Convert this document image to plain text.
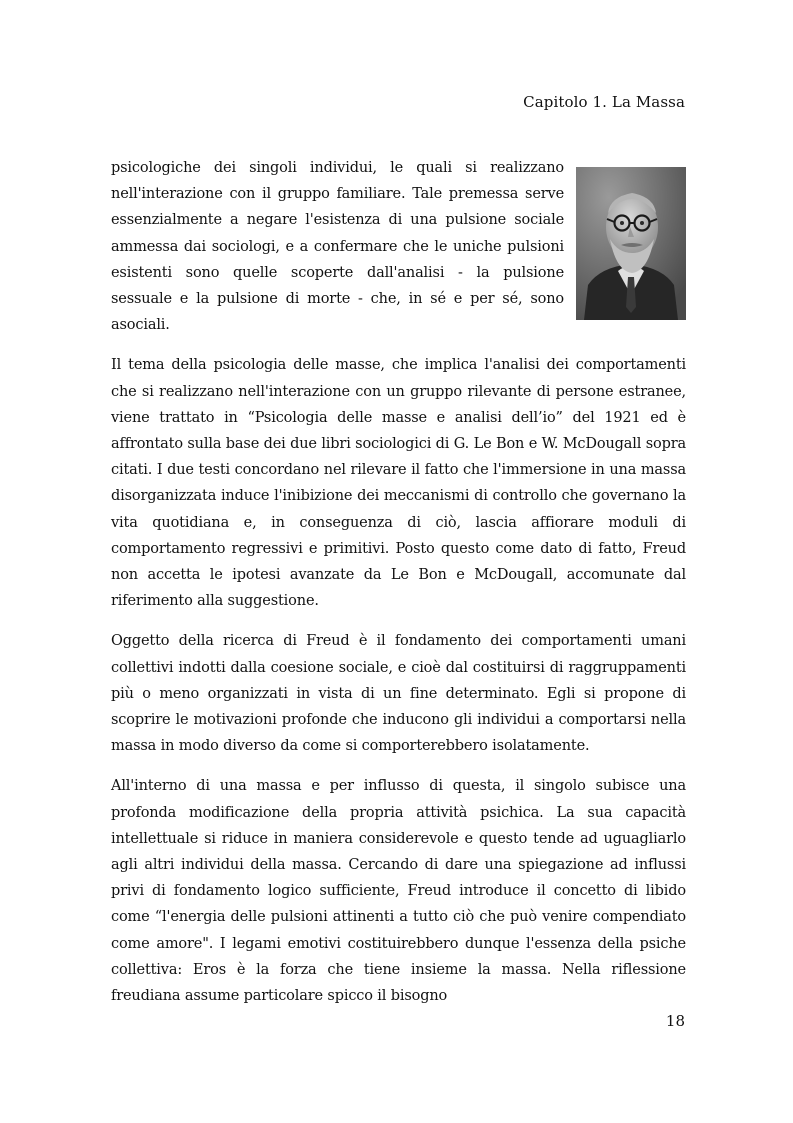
Capitolo 1. La Massa

psicologiche dei singoli individui, le quali si realizzano nell'interazione con il gruppo familiare. Tale premessa serve essenzialmente a negare l'esistenza di una pulsione sociale ammessa dai sociologi, e a confermare che le uniche pulsioni esistenti sono quelle scoperte dall'analisi - la pulsione sessuale e la pulsione di morte - che, in sé e per sé, sono asociali.

Il tema della psicologia delle masse, che implica l'analisi dei comportamenti che si realizzano nell'interazione con un gruppo rilevante di persone estranee, viene trattato in “Psicologia delle masse e analisi dell’io” del 1921 ed è affrontato sulla base dei due libri sociologici di G. Le Bon e W. McDougall sopra citati. I due testi concordano nel rilevare il fatto che l'immersione in una massa disorganizzata induce l'inibizione dei meccanismi di controllo che governano la vita quotidiana e, in conseguenza di ciò, lascia affiorare moduli di comportamento regressivi e primitivi. Posto questo come dato di fatto, Freud non accetta le ipotesi avanzate da Le Bon e McDougall, accomunate dal riferimento alla suggestione.

Oggetto della ricerca di Freud è il fondamento dei comportamenti umani collettivi indotti dalla coesione sociale, e cioè dal costituirsi di raggruppamenti più o meno organizzati in vista di un fine determinato. Egli si propone di scoprire le motivazioni profonde che inducono gli individui a comportarsi nella massa in modo diverso da come si comporterebbero isolatamente.

All'interno di una massa e per influsso di questa, il singolo subisce una profonda modificazione della propria attività psichica. La sua capacità intellettuale si riduce in maniera considerevole e questo tende ad uguagliarlo agli altri individui della massa. Cercando di dare una spiegazione ad influssi privi di fondamento logico sufficiente, Freud introduce il concetto di libido come “l'energia delle pulsioni attinenti a tutto ciò che può venire compendiato come amore". I legami emotivi costituirebbero dunque l'essenza della psiche collettiva: Eros è la forza che tiene insieme la massa. Nella riflessione freudiana assume particolare spicco il bisogno

18
